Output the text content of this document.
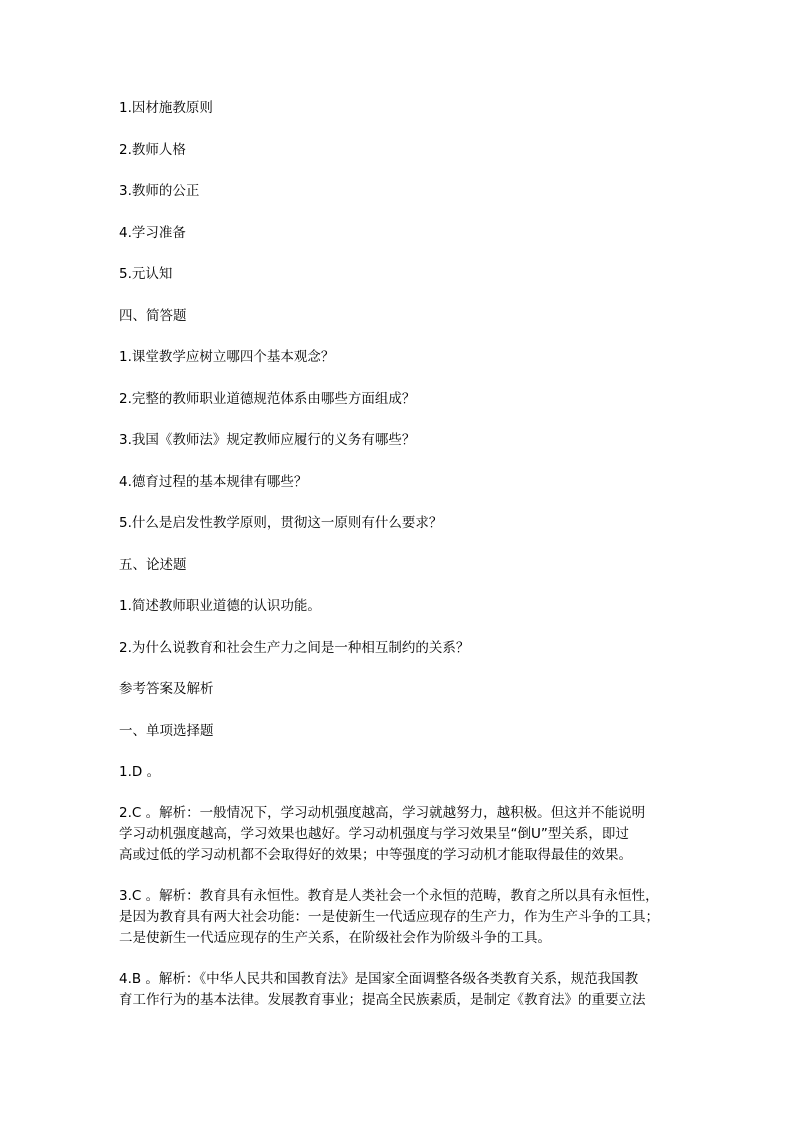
1.因材施教原则
2.教师人格
3.教师的公正
4.学习准备
5.元认知
四、简答题
1.课堂教学应树立哪四个基本观念？
2.完整的教师职业道德规范体系由哪些方面组成？
3.我国《教师法》规定教师应履行的义务有哪些？
4.德育过程的基本规律有哪些？
5.什么是启发性教学原则，贯彻这一原则有什么要求？
五、论述题
1.简述教师职业道德的认识功能。
2.为什么说教育和社会生产力之间是一种相互制约的关系？
参考答案及解析
一、单项选择题
1.D 。
2.C 。解析：一般情况下，学习动机强度越高，学习就越努力，越积极。但这并不能说明
学习动机强度越高，学习效果也越好。学习动机强度与学习效果呈“倒U”型关系，即过
高或过低的学习动机都不会取得好的效果；中等强度的学习动机才能取得最佳的效果。
3.C 。解析：教育具有永恒性。教育是人类社会一个永恒的范畴，教育之所以具有永恒性，
是因为教育具有两大社会功能：一是使新生一代适应现存的生产力，作为生产斗争的工具；
二是使新生一代适应现存的生产关系，在阶级社会作为阶级斗争的工具。
4.B 。解析：《中华人民共和国教育法》是国家全面调整各级各类教育关系，规范我国教
育工作行为的基本法律。发展教育事业；提高全民族素质，是制定《教育法》的重要立法
